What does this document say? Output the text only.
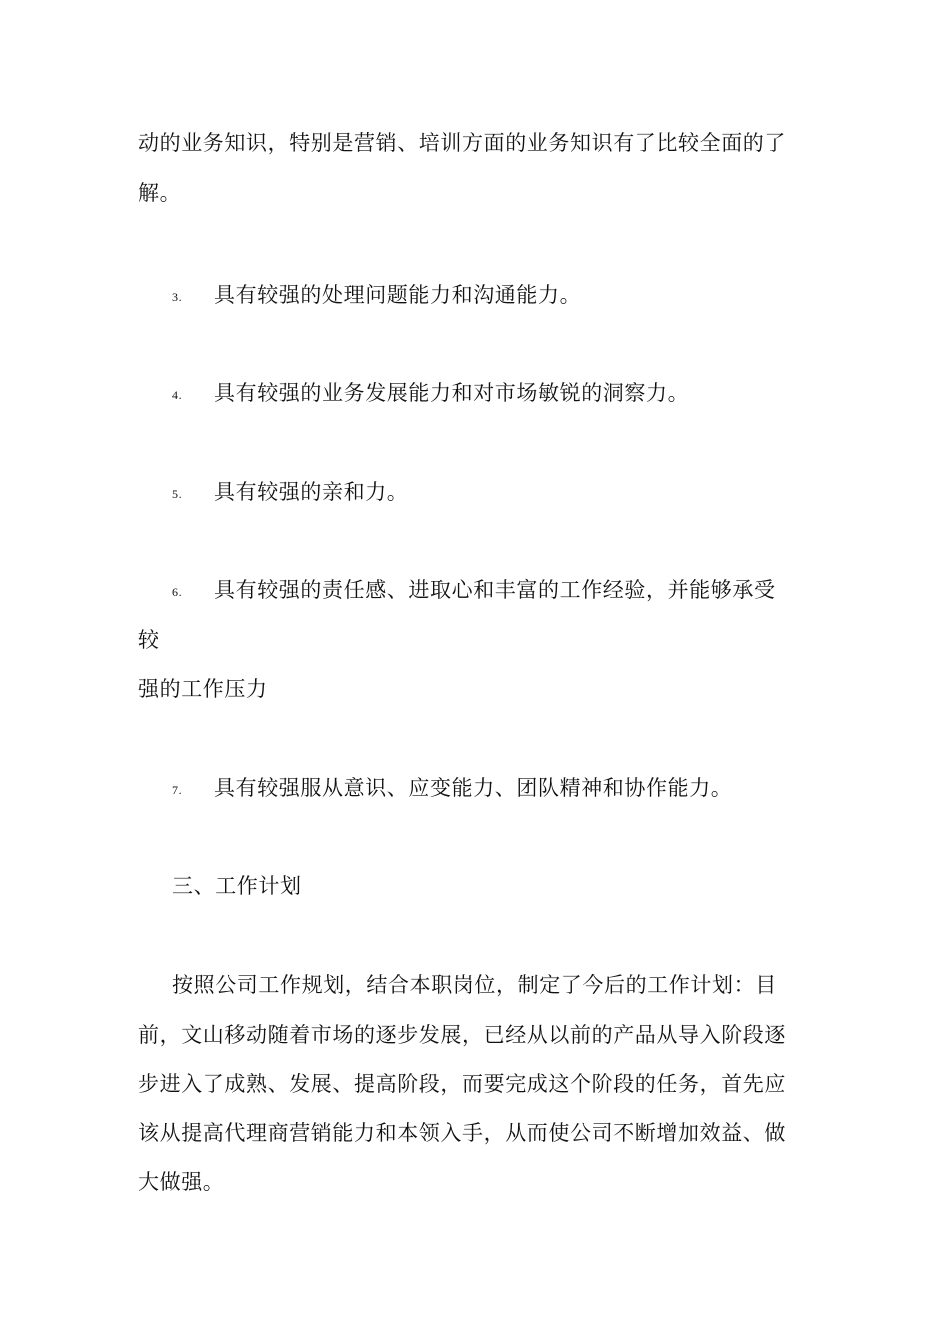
动的业务知识，特别是营销、培训方面的业务知识有了比较全面的了
解。
3. 具有较强的处理问题能力和沟通能力。
4. 具有较强的业务发展能力和对市场敏锐的洞察力。
5. 具有较强的亲和力。
6. 具有较强的责任感、进取心和丰富的工作经验，并能够承受
较
强的工作压力
7. 具有较强服从意识、应变能力、团队精神和协作能力。
三、工作计划
按照公司工作规划，结合本职岗位，制定了今后的工作计划：目
前，文山移动随着市场的逐步发展，已经从以前的产品从导入阶段逐
步进入了成熟、发展、提高阶段，而要完成这个阶段的任务，首先应
该从提高代理商营销能力和本领入手，从而使公司不断增加效益、做
大做强。
